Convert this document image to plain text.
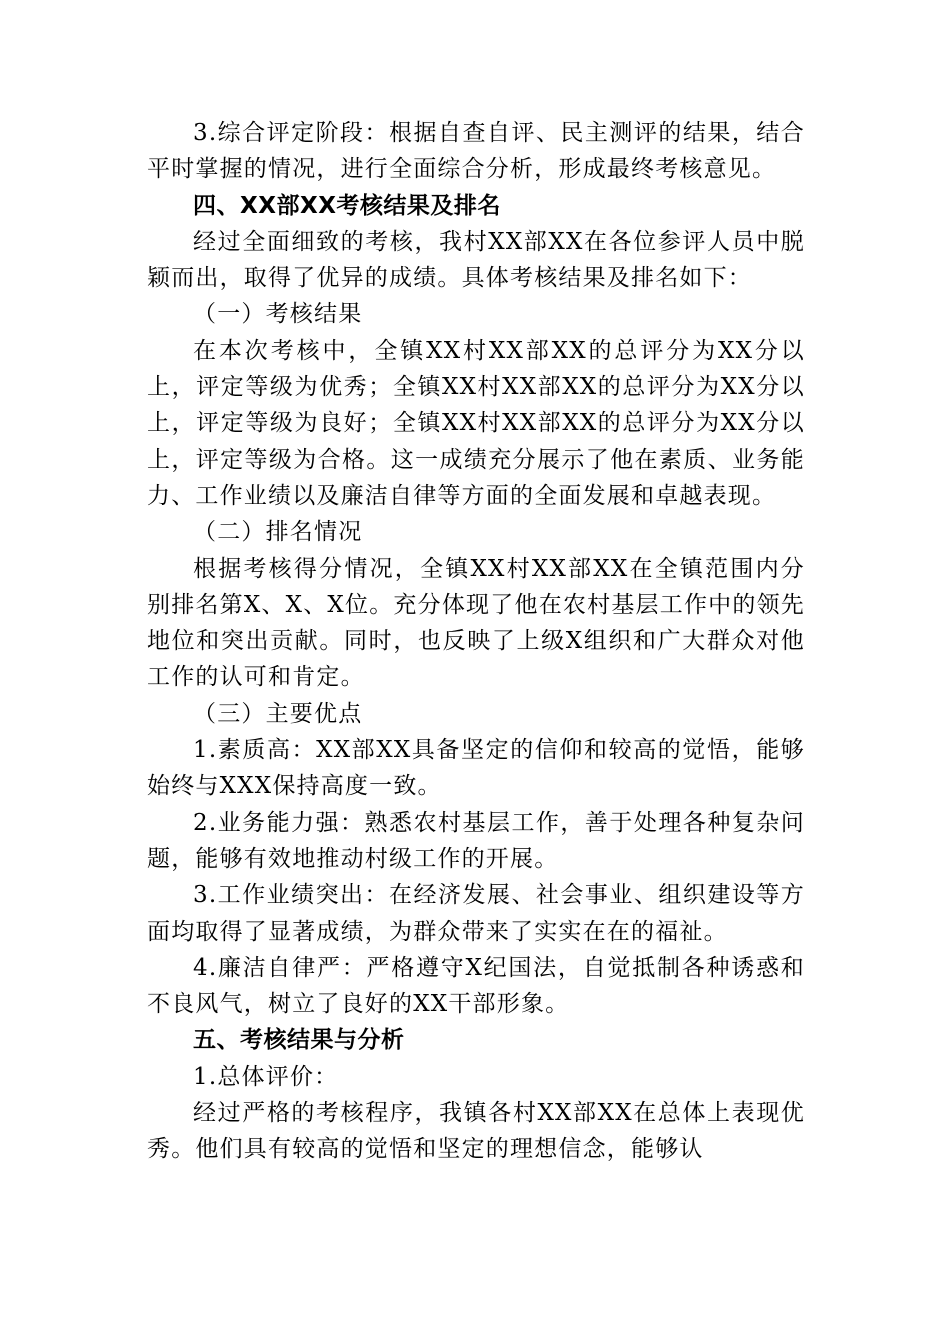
3.综合评定阶段：根据自查自评、民主测评的结果，结合平时掌握的情况，进行全面综合分析，形成最终考核意见。

四、XX部XX考核结果及排名

经过全面细致的考核，我村XX部XX在各位参评人员中脱颖而出，取得了优异的成绩。具体考核结果及排名如下：

（一）考核结果

在本次考核中，全镇XX村XX部XX的总评分为XX分以上，评定等级为优秀；全镇XX村XX部XX的总评分为XX分以上，评定等级为良好；全镇XX村XX部XX的总评分为XX分以上，评定等级为合格。这一成绩充分展示了他在素质、业务能力、工作业绩以及廉洁自律等方面的全面发展和卓越表现。

（二）排名情况

根据考核得分情况，全镇XX村XX部XX在全镇范围内分别排名第X、X、X位。充分体现了他在农村基层工作中的领先地位和突出贡献。同时，也反映了上级X组织和广大群众对他工作的认可和肯定。

（三）主要优点

1.素质高：XX部XX具备坚定的信仰和较高的觉悟，能够始终与XXX保持高度一致。

2.业务能力强：熟悉农村基层工作，善于处理各种复杂问题，能够有效地推动村级工作的开展。

3.工作业绩突出：在经济发展、社会事业、组织建设等方面均取得了显著成绩，为群众带来了实实在在的福祉。

4.廉洁自律严：严格遵守X纪国法，自觉抵制各种诱惑和不良风气，树立了良好的XX干部形象。

五、考核结果与分析

1.总体评价：

经过严格的考核程序，我镇各村XX部XX在总体上表现优秀。他们具有较高的觉悟和坚定的理想信念，能够认
